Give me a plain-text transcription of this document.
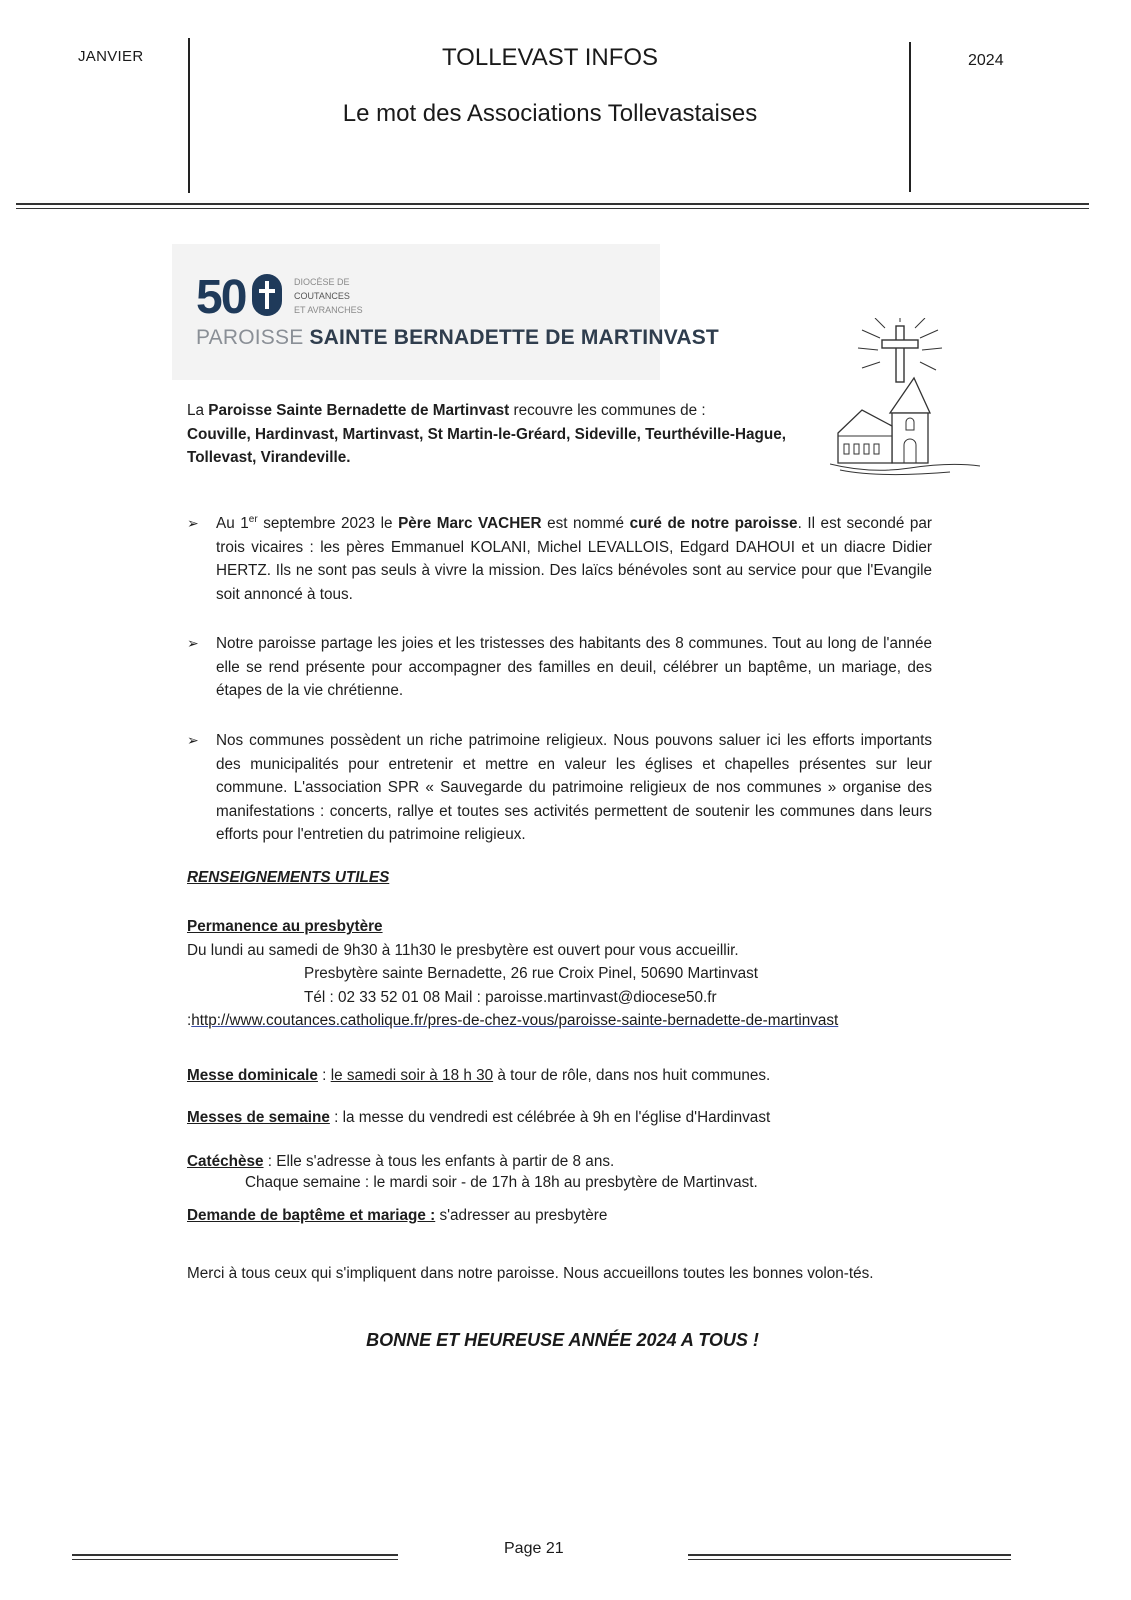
JANVIER	TOLLEVAST INFOS
Le mot des Associations Tollevastaises
2024
50	DIOCÈSE DE
COUTANCES
ET AVRANCHES
PAROISSE SAINTE BERNADETTE DE MARTINVAST
La Paroisse Sainte Bernadette de Martinvast recouvre les communes de :
Couville, Hardinvast, Martinvast, St Martin-le-Gréard, Sideville, Teurthéville-Hague, Tollevast, Virandeville.
➢ Au 1er septembre 2023 le Père Marc VACHER est nommé curé de notre paroisse. Il est secondé par trois vicaires : les pères Emmanuel KOLANI, Michel LEVALLOIS, Edgard DAHOUI et un diacre Didier HERTZ. Ils ne sont pas seuls à vivre la mission. Des laïcs bénévoles sont au service pour que l'Evangile soit annoncé à tous.
➢ Notre paroisse partage les joies et les tristesses des habitants des 8 communes. Tout au long de l'année elle se rend présente pour accompagner des familles en deuil, célébrer un baptême, un mariage, des étapes de la vie chrétienne.
➢ Nos communes possèdent un riche patrimoine religieux. Nous pouvons saluer ici les efforts importants des municipalités pour entretenir et mettre en valeur les églises et chapelles présentes sur leur commune. L'association SPR « Sauvegarde du patrimoine religieux de nos communes » organise des manifestations : concerts, rallye et toutes ses activités permettent de soutenir les communes dans leurs efforts pour l'entretien du patrimoine religieux.
RENSEIGNEMENTS UTILES
Permanence au presbytère
Du lundi au samedi de 9h30 à 11h30 le presbytère est ouvert pour vous accueillir.
Presbytère sainte Bernadette, 26 rue Croix Pinel, 50690 Martinvast
Tél : 02 33 52 01 08 Mail : paroisse.martinvast@diocese50.fr
:http://www.coutances.catholique.fr/pres-de-chez-vous/paroisse-sainte-bernadette-de-martinvast
Messe dominicale : le samedi soir à 18 h 30 à tour de rôle, dans nos huit communes.
Messes de semaine : la messe du vendredi est célébrée à 9h en l'église d'Hardinvast
Catéchèse : Elle s'adresse à tous les enfants à partir de 8 ans.
Chaque semaine : le mardi soir - de 17h à 18h au presbytère de Martinvast.
Demande de baptême et mariage : s'adresser au presbytère
Merci à tous ceux qui s'impliquent dans notre paroisse. Nous accueillons toutes les bonnes volon-tés.
BONNE ET HEUREUSE ANNÉE 2024 A TOUS !
Page 21
